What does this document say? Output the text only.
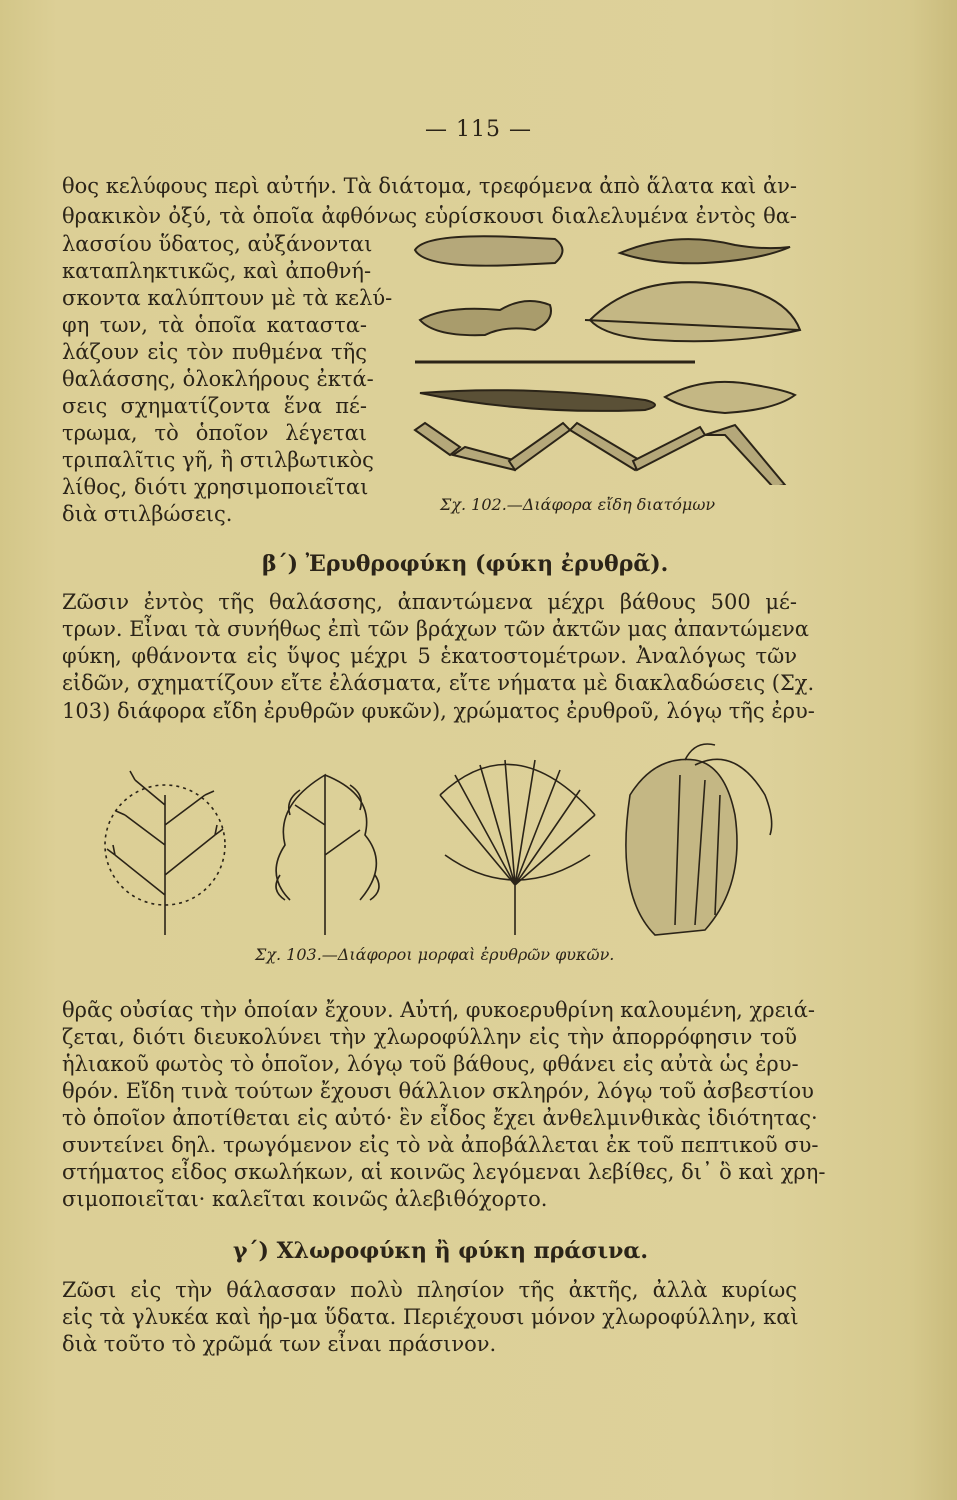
— 115 —
θος κελύφους περὶ αὐτήν. Τὰ διάτομα, τρεφόμενα ἀπὸ ἅλατα καὶ ἀν-
θρακικὸν ὀξύ, τὰ ὁποῖα ἀφθόνως εὑρίσκουσι διαλελυμένα ἐντὸς θα-
λασσίου ὕδατος, αὐξάνονται
καταπληκτικῶς, καὶ ἀποθνή-
σκοντα καλύπτουν μὲ τὰ κελύ-
φη των, τὰ ὁποῖα καταστα-
λάζουν εἰς τὸν πυθμένα τῆς
θαλάσσης, ὁλοκλήρους ἐκτά-
σεις σχηματίζοντα ἕνα πέ-
τρωμα, τὸ ὁποῖον λέγεται
τριπαλῖτις γῆ, ἢ στιλβωτικὸς
λίθος, διότι χρησιμοποιεῖται
διὰ στιλβώσεις.	Σχ. 102.—Διάφορα εἴδη διατόμων
β΄) Ἐρυθροφύκη (φύκη ἐρυθρᾶ).
Ζῶσιν ἐντὸς τῆς θαλάσσης, ἀπαντώμενα μέχρι βάθους 500 μέ-
τρων. Εἶναι τὰ συνήθως ἐπὶ τῶν βράχων τῶν ἀκτῶν μας ἀπαντώμενα
φύκη, φθάνοντα εἰς ὕψος μέχρι 5 ἑκατοστομέτρων. Ἀναλόγως τῶν
εἰδῶν, σχηματίζουν εἴτε ἐλάσματα, εἴτε νήματα μὲ διακλαδώσεις (Σχ.
103) διάφορα εἴδη ἐρυθρῶν φυκῶν), χρώματος ἐρυθροῦ, λόγῳ τῆς ἐρυ-
Σχ. 103.—Διάφοροι μορφαὶ ἐρυθρῶν φυκῶν.
θρᾶς οὐσίας τὴν ὁποίαν ἔχουν. Αὐτή, φυκοερυθρίνη καλουμένη, χρειά-
ζεται, διότι διευκολύνει τὴν χλωροφύλλην εἰς τὴν ἀπορρόφησιν τοῦ
ἡλιακοῦ φωτὸς τὸ ὁποῖον, λόγῳ τοῦ βάθους, φθάνει εἰς αὐτὰ ὡς ἐρυ-
θρόν. Εἴδη τινὰ τούτων ἔχουσι θάλλιον σκληρόν, λόγῳ τοῦ ἀσβεστίου
τὸ ὁποῖον ἀποτίθεται εἰς αὐτό· ἓν εἶδος ἔχει ἀνθελμινθικὰς ἰδιότητας·
συντείνει δηλ. τρωγόμενον εἰς τὸ νὰ ἀποβάλλεται ἐκ τοῦ πεπτικοῦ συ-
στήματος εἶδος σκωλήκων, αἱ κοινῶς λεγόμεναι λεβίθες, δι᾽ ὃ καὶ χρη-
σιμοποιεῖται· καλεῖται κοινῶς ἀλεβιθόχορτο.
γ΄) Χλωροφύκη ἢ φύκη πράσινα.
Ζῶσι εἰς τὴν θάλασσαν πολὺ πλησίον τῆς ἀκτῆς, ἀλλὰ κυρίως
εἰς τὰ γλυκέα καὶ ἠρ-μα ὕδατα. Περιέχουσι μόνον χλωροφύλλην, καὶ
διὰ τοῦτο τὸ χρῶμά των εἶναι πράσινον.
